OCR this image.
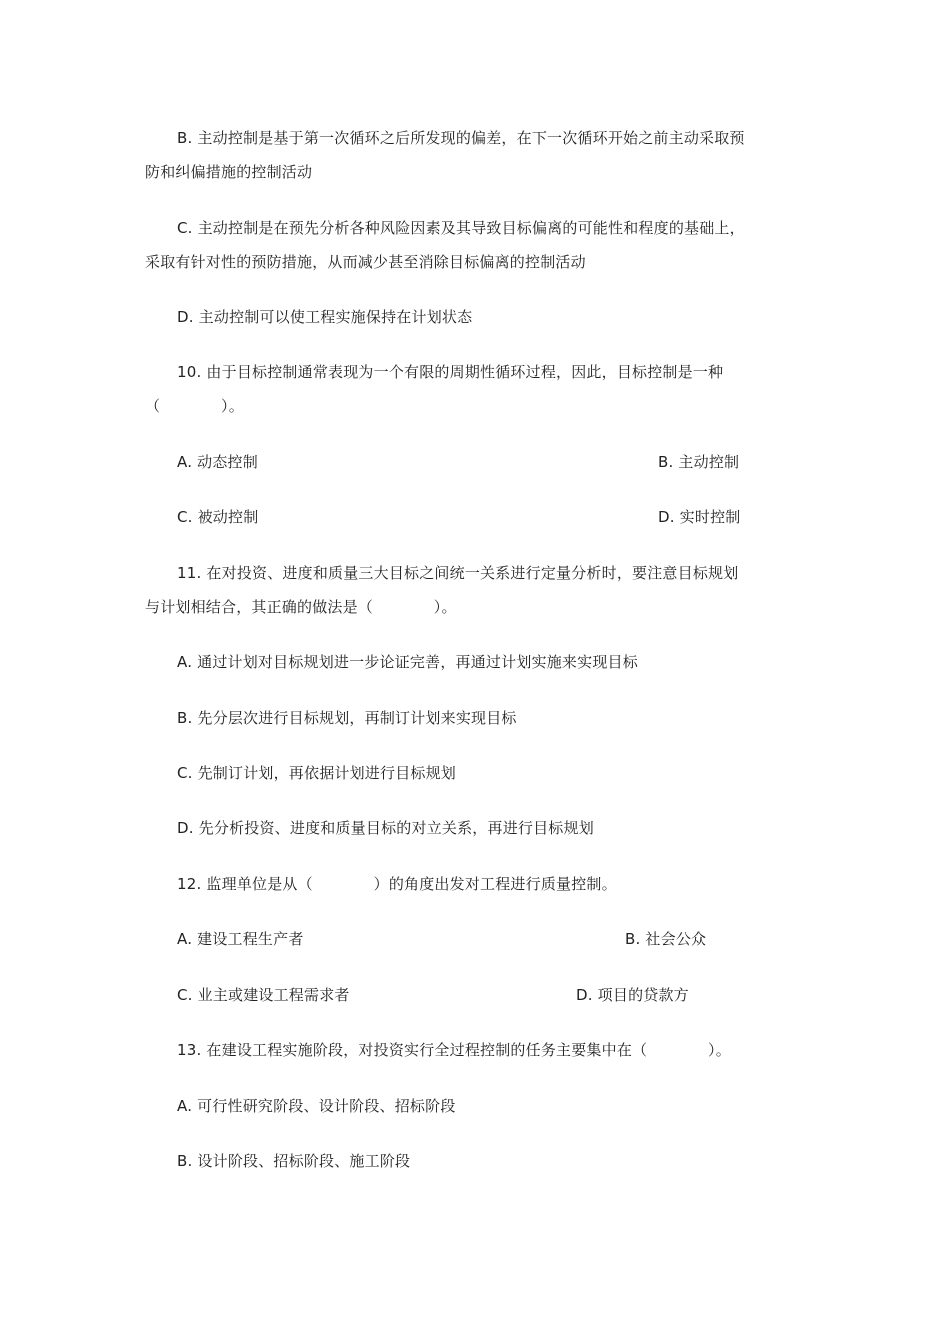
B. 主动控制是基于第一次循环之后所发现的偏差，在下一次循环开始之前主动采取预

防和纠偏措施的控制活动

C. 主动控制是在预先分析各种风险因素及其导致目标偏离的可能性和程度的基础上，

采取有针对性的预防措施，从而减少甚至消除目标偏离的控制活动

D. 主动控制可以使工程实施保持在计划状态

10. 由于目标控制通常表现为一个有限的周期性循环过程，因此，目标控制是一种

（　　　　）。

A. 动态控制	B. 主动控制

C. 被动控制	D. 实时控制

11. 在对投资、进度和质量三大目标之间统一关系进行定量分析时，要注意目标规划

与计划相结合，其正确的做法是（　　　　）。

A. 通过计划对目标规划进一步论证完善，再通过计划实施来实现目标

B. 先分层次进行目标规划，再制订计划来实现目标

C. 先制订计划，再依据计划进行目标规划

D. 先分析投资、进度和质量目标的对立关系，再进行目标规划

12. 监理单位是从（　　　　）的角度出发对工程进行质量控制。

A. 建设工程生产者	B. 社会公众

C. 业主或建设工程需求者	D. 项目的贷款方

13. 在建设工程实施阶段，对投资实行全过程控制的任务主要集中在（　　　　）。

A. 可行性研究阶段、设计阶段、招标阶段

B. 设计阶段、招标阶段、施工阶段
